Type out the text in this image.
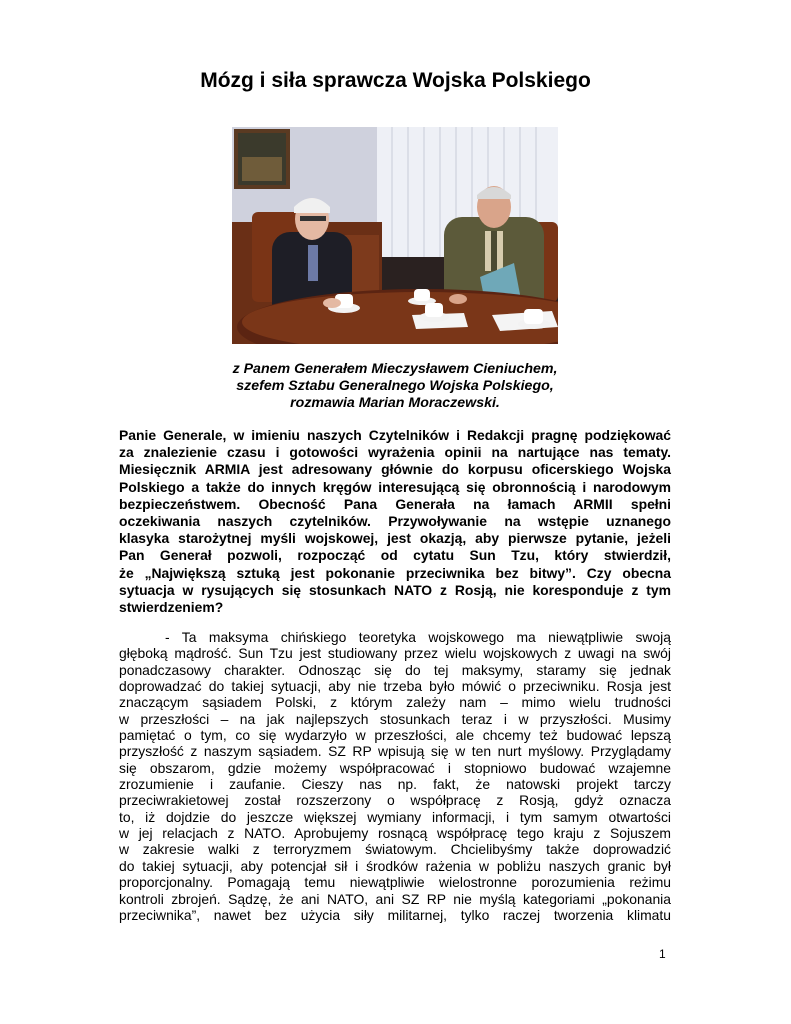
Mózg i siła sprawcza Wojska Polskiego
z Panem Generałem Mieczysławem Cieniuchem,
szefem Sztabu Generalnego Wojska Polskiego,
rozmawia Marian Moraczewski.
Panie Generale, w imieniu naszych Czytelników i Redakcji pragnę podziękować
za znalezienie czasu i gotowości wyrażenia opinii na nartujące nas tematy.
Miesięcznik ARMIA jest adresowany głównie do korpusu oficerskiego Wojska
Polskiego a także do innych kręgów interesującą się obronnością i narodowym
bezpieczeństwem. Obecność Pana Generała na łamach ARMII spełni
oczekiwania naszych czytelników. Przywoływanie na wstępie uznanego
klasyka starożytnej myśli wojskowej, jest okazją, aby pierwsze pytanie, jeżeli
Pan Generał pozwoli, rozpocząć od cytatu Sun Tzu, który stwierdził,
że „Największą sztuką jest pokonanie przeciwnika bez bitwy”. Czy obecna
sytuacja w rysujących się stosunkach NATO z Rosją, nie koresponduje z tym
stwierdzeniem?
- Ta maksyma chińskiego teoretyka wojskowego ma niewątpliwie swoją
głęboką mądrość. Sun Tzu jest studiowany przez wielu wojskowych z uwagi na swój
ponadczasowy charakter. Odnosząc się do tej maksymy, staramy się jednak
doprowadzać do takiej sytuacji, aby nie trzeba było mówić o przeciwniku. Rosja jest
znaczącym sąsiadem Polski, z którym zależy nam – mimo wielu trudności
w przeszłości – na jak najlepszych stosunkach teraz i w przyszłości. Musimy
pamiętać o tym, co się wydarzyło w przeszłości, ale chcemy też budować lepszą
przyszłość z naszym sąsiadem. SZ RP wpisują się w ten nurt myślowy. Przyglądamy
się obszarom, gdzie możemy współpracować i stopniowo budować wzajemne
zrozumienie i zaufanie. Cieszy nas np. fakt, że natowski projekt tarczy
przeciwrakietowej został rozszerzony o współpracę z Rosją, gdyż oznacza
to, iż dojdzie do jeszcze większej wymiany informacji, i tym samym otwartości
w jej relacjach z NATO. Aprobujemy rosnącą współpracę tego kraju z Sojuszem
w zakresie walki z terroryzmem światowym. Chcielibyśmy także doprowadzić
do takiej sytuacji, aby potencjał sił i środków rażenia w pobliżu naszych granic był
proporcjonalny. Pomagają temu niewątpliwie wielostronne porozumienia reżimu
kontroli zbrojeń. Sądzę, że ani NATO, ani SZ RP nie myślą kategoriami „pokonania
przeciwnika”, nawet bez użycia siły militarnej, tylko raczej tworzenia klimatu
1
